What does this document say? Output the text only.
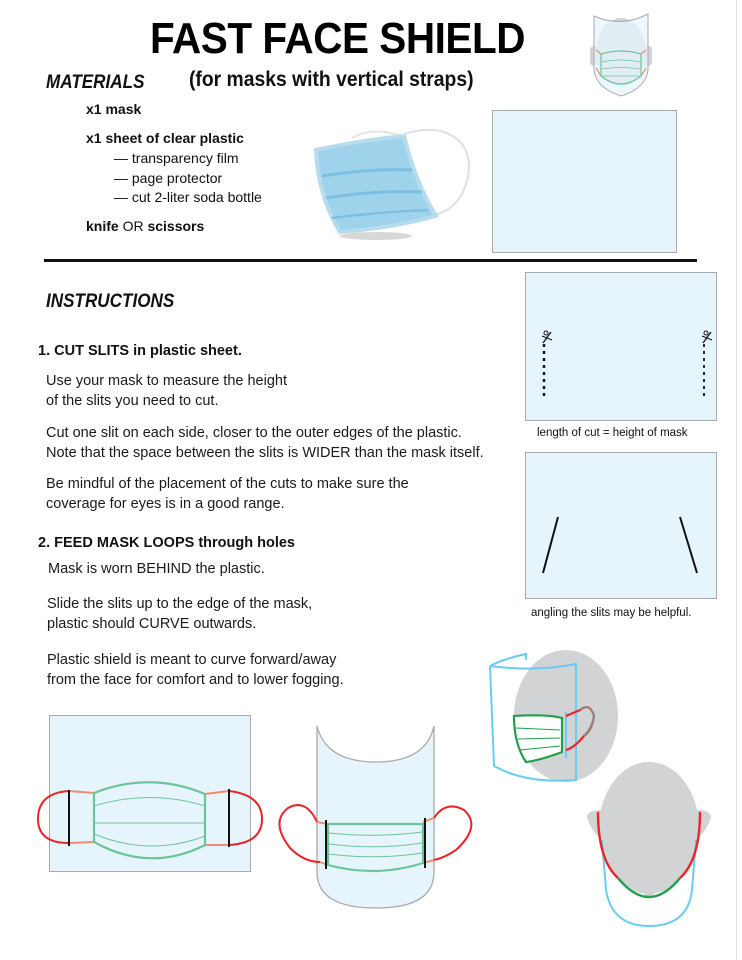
FAST FACE SHIELD
(for masks with vertical straps)
MATERIALS
x1 mask
x1 sheet of clear plastic
— transparency film
— page protector
— cut 2-liter soda bottle
knife OR scissors
INSTRUCTIONS
1. CUT SLITS in plastic sheet.
Use your mask to measure the height
of the slits you need to cut.
Cut one slit on each side, closer to the outer edges of the plastic.
Note that the space between the slits is WIDER than the mask itself.
Be mindful of the placement of the cuts to make sure the
coverage for eyes is in a good range.
2. FEED MASK LOOPS through holes
Mask is worn BEHIND the plastic.
Slide the slits up to the edge of the mask,
plastic should CURVE outwards.
Plastic shield is meant to curve forward/away
from the face for comfort and to lower fogging.
length of cut = height of mask
angling the slits may be helpful.
